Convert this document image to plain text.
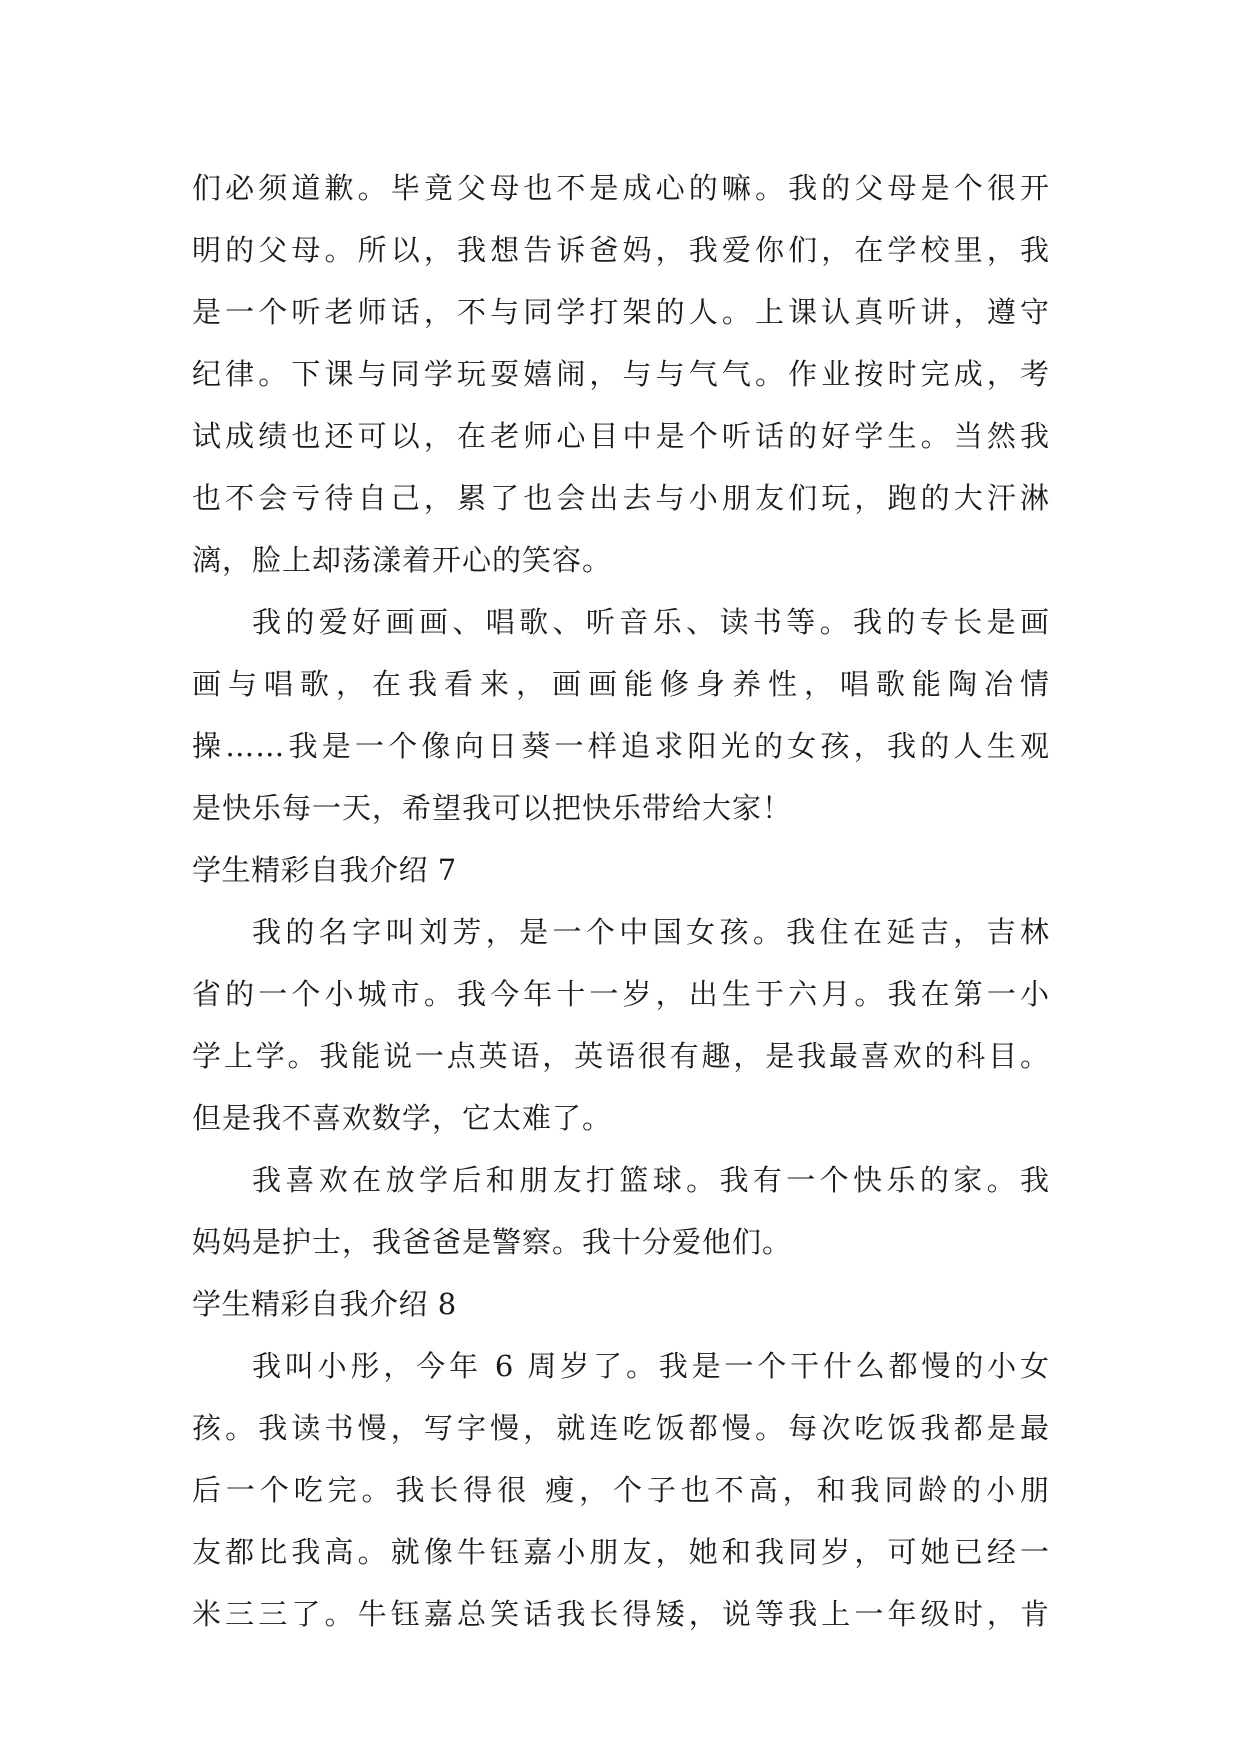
们必须道歉。毕竟父母也不是成心的嘛。我的父母是个很开
明的父母。所以，我想告诉爸妈，我爱你们，在学校里，我
是一个听老师话，不与同学打架的人。上课认真听讲，遵守
纪律。下课与同学玩耍嬉闹，与与气气。作业按时完成，考
试成绩也还可以，在老师心目中是个听话的好学生。当然我
也不会亏待自己，累了也会出去与小朋友们玩，跑的大汗淋
漓，脸上却荡漾着开心的笑容。
我的爱好画画、唱歌、听音乐、读书等。我的专长是画
画与唱歌，在我看来，画画能修身养性，唱歌能陶冶情
操……我是一个像向日葵一样追求阳光的女孩，我的人生观
是快乐每一天，希望我可以把快乐带给大家！
学生精彩自我介绍 7
我的名字叫刘芳，是一个中国女孩。我住在延吉，吉林
省的一个小城市。我今年十一岁，出生于六月。我在第一小
学上学。我能说一点英语，英语很有趣，是我最喜欢的科目。
但是我不喜欢数学，它太难了。
我喜欢在放学后和朋友打篮球。我有一个快乐的家。我
妈妈是护士，我爸爸是警察。我十分爱他们。
学生精彩自我介绍 8
我叫小彤，今年 6 周岁了。我是一个干什么都慢的小女
孩。我读书慢，写字慢，就连吃饭都慢。每次吃饭我都是最
后一个吃完。我长得很 瘦，个子也不高，和我同龄的小朋
友都比我高。就像牛钰嘉小朋友，她和我同岁，可她已经一
米三三了。牛钰嘉总笑话我长得矮，说等我上一年级时，肯
